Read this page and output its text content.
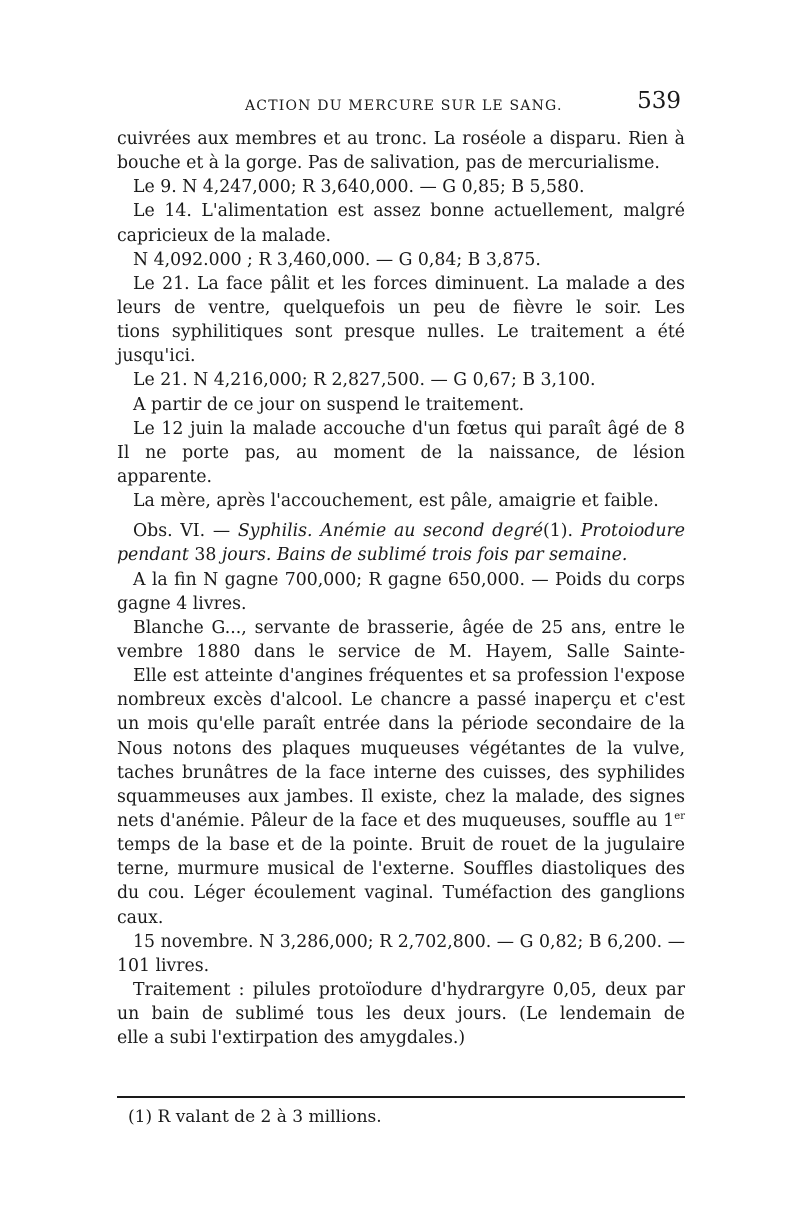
ACTION DU MERCURE SUR LE SANG.	539
cuivrées aux membres et au tronc. La roséole a disparu. Rien à
bouche et à la gorge. Pas de salivation, pas de mercurialisme.
Le 9. N 4,247,000; R 3,640,000. — G 0,85; B 5,580.
Le 14. L'alimentation est assez bonne actuellement, malgré
capricieux de la malade.
N 4,092.000 ; R 3,460,000. — G 0,84; B 3,875.
Le 21. La face pâlit et les forces diminuent. La malade a des
leurs de ventre, quelquefois un peu de fièvre le soir. Les
tions syphilitiques sont presque nulles. Le traitement a été
jusqu'ici.
Le 21. N 4,216,000; R 2,827,500. — G 0,67; B 3,100.
A partir de ce jour on suspend le traitement.
Le 12 juin la malade accouche d'un fœtus qui paraît âgé de 8
Il ne porte pas, au moment de la naissance, de lésion
apparente.
La mère, après l'accouchement, est pâle, amaigrie et faible.
Obs. VI. — Syphilis. Anémie au second degré(1). Protoiodure
pendant 38 jours. Bains de sublimé trois fois par semaine.
A la fin N gagne 700,000; R gagne 650,000. — Poids du corps
gagne 4 livres.
Blanche G..., servante de brasserie, âgée de 25 ans, entre le
vembre 1880 dans le service de M. Hayem, Salle Sainte-
Elle est atteinte d'angines fréquentes et sa profession l'expose
nombreux excès d'alcool. Le chancre a passé inaperçu et c'est
un mois qu'elle paraît entrée dans la période secondaire de la
Nous notons des plaques muqueuses végétantes de la vulve,
taches brunâtres de la face interne des cuisses, des syphilides
squammeuses aux jambes. Il existe, chez la malade, des signes
nets d'anémie. Pâleur de la face et des muqueuses, souffle au 1er
temps de la base et de la pointe. Bruit de rouet de la jugulaire
terne, murmure musical de l'externe. Souffles diastoliques des
du cou. Léger écoulement vaginal. Tuméfaction des ganglions
caux.
15 novembre. N 3,286,000; R 2,702,800. — G 0,82; B 6,200. —
101 livres.
Traitement : pilules protoïodure d'hydrargyre 0,05, deux par
un bain de sublimé tous les deux jours. (Le lendemain de
elle a subi l'extirpation des amygdales.)
(1) R valant de 2 à 3 millions.
